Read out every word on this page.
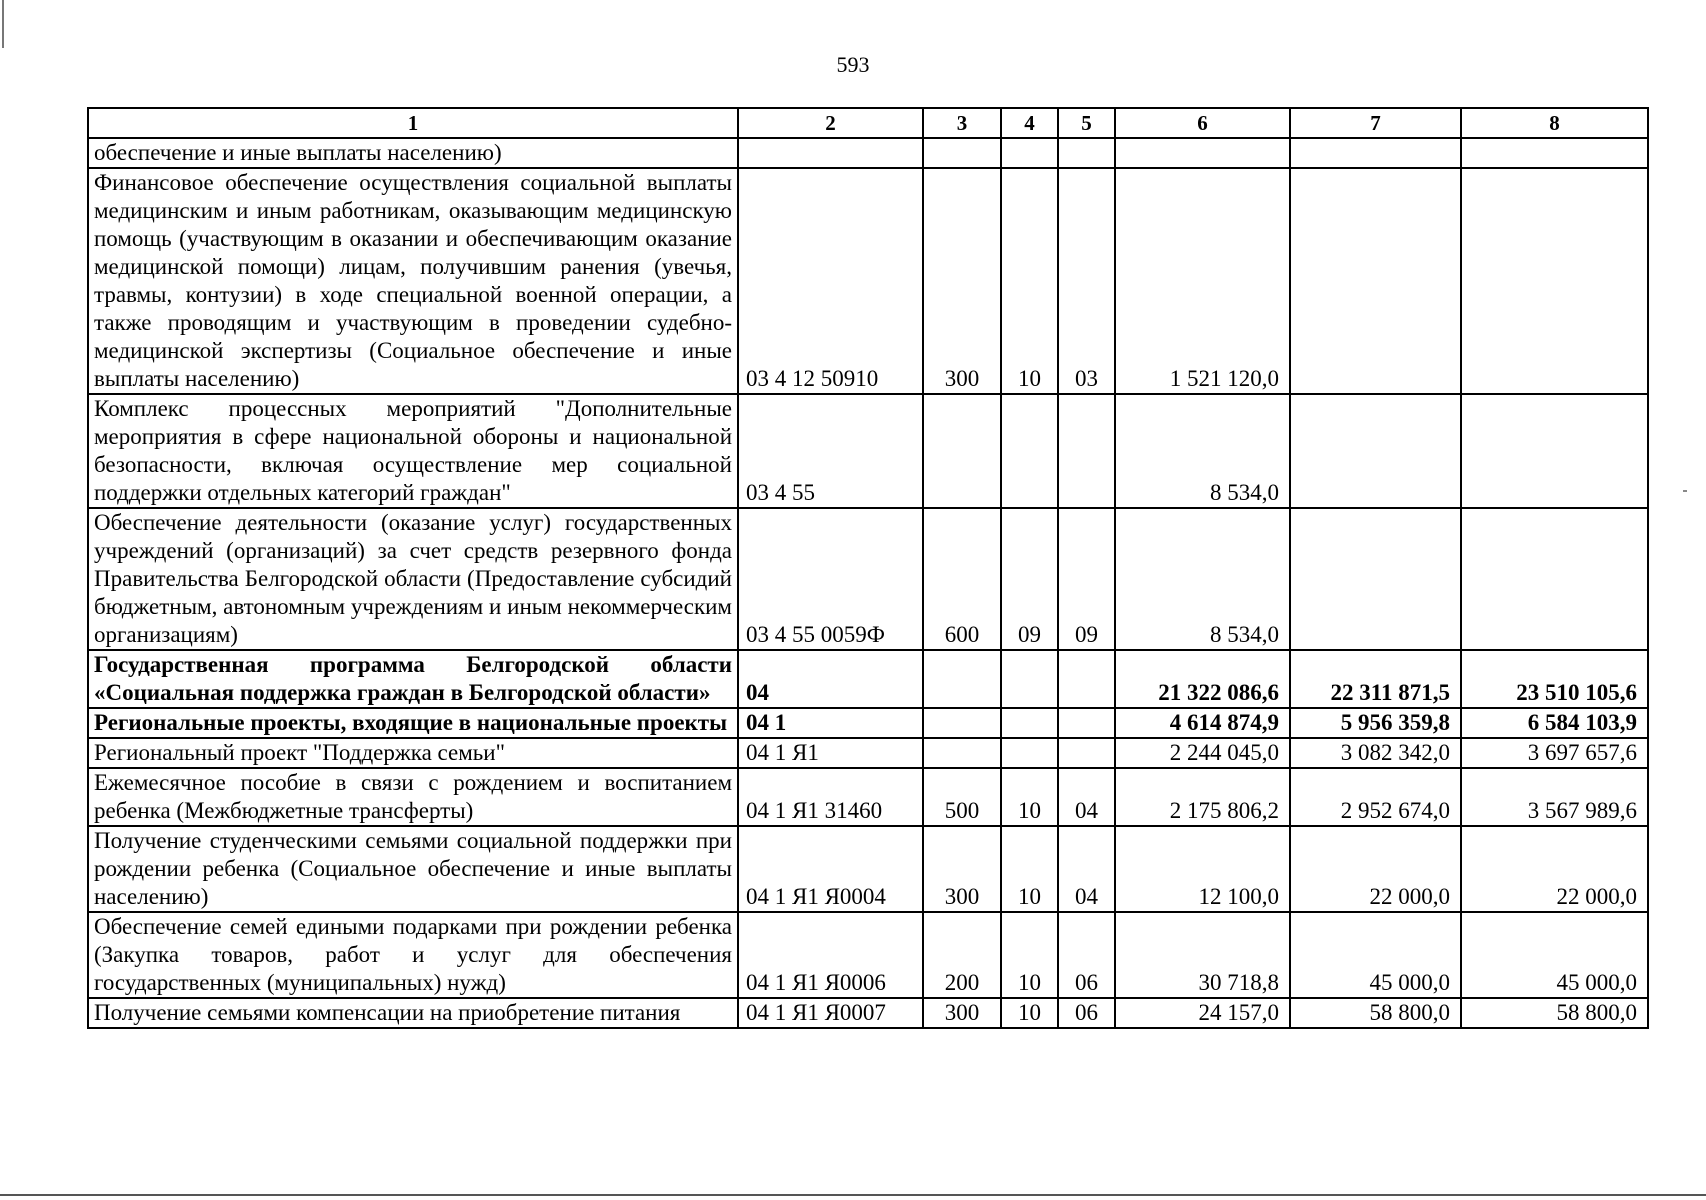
593
1	2	3	4	5	6	7	8
обеспечение и иные выплаты населению)							
Финансовое обеспечение осуществления социальной выплаты медицинским и иным работникам, оказывающим медицинскую помощь (участвующим в оказании и обеспечивающим оказание медицинской помощи) лицам, получившим ранения (увечья, травмы, контузии) в ходе специальной военной операции, а также проводящим и участвующим в проведении судебно-медицинской экспертизы (Социальное обеспечение и иные выплаты населению)	03 4 12 50910	300	10	03	1 521 120,0		
Комплекс процессных мероприятий "Дополнительные мероприятия в сфере национальной обороны и национальной безопасности, включая осуществление мер социальной поддержки отдельных категорий граждан"	03 4 55				8 534,0		
Обеспечение деятельности (оказание услуг) государственных учреждений (организаций) за счет средств резервного фонда Правительства Белгородской области (Предоставление субсидий бюджетным, автономным учреждениям и иным некоммерческим организациям)	03 4 55 0059Ф	600	09	09	8 534,0		
Государственная программа Белгородской области «Социальная поддержка граждан в Белгородской области»	04				21 322 086,6	22 311 871,5	23 510 105,6
Региональные проекты, входящие в национальные проекты	04 1				4 614 874,9	5 956 359,8	6 584 103,9
Региональный проект "Поддержка семьи"	04 1 Я1				2 244 045,0	3 082 342,0	3 697 657,6
Ежемесячное пособие в связи с рождением и воспитанием ребенка (Межбюджетные трансферты)	04 1 Я1 31460	500	10	04	2 175 806,2	2 952 674,0	3 567 989,6
Получение студенческими семьями социальной поддержки при рождении ребенка (Социальное обеспечение и иные выплаты населению)	04 1 Я1 Я0004	300	10	04	12 100,0	22 000,0	22 000,0
Обеспечение семей едиными подарками при рождении ребенка (Закупка товаров, работ и услуг для обеспечения государственных (муниципальных) нужд)	04 1 Я1 Я0006	200	10	06	30 718,8	45 000,0	45 000,0
Получение семьями компенсации на приобретение питания	04 1 Я1 Я0007	300	10	06	24 157,0	58 800,0	58 800,0
